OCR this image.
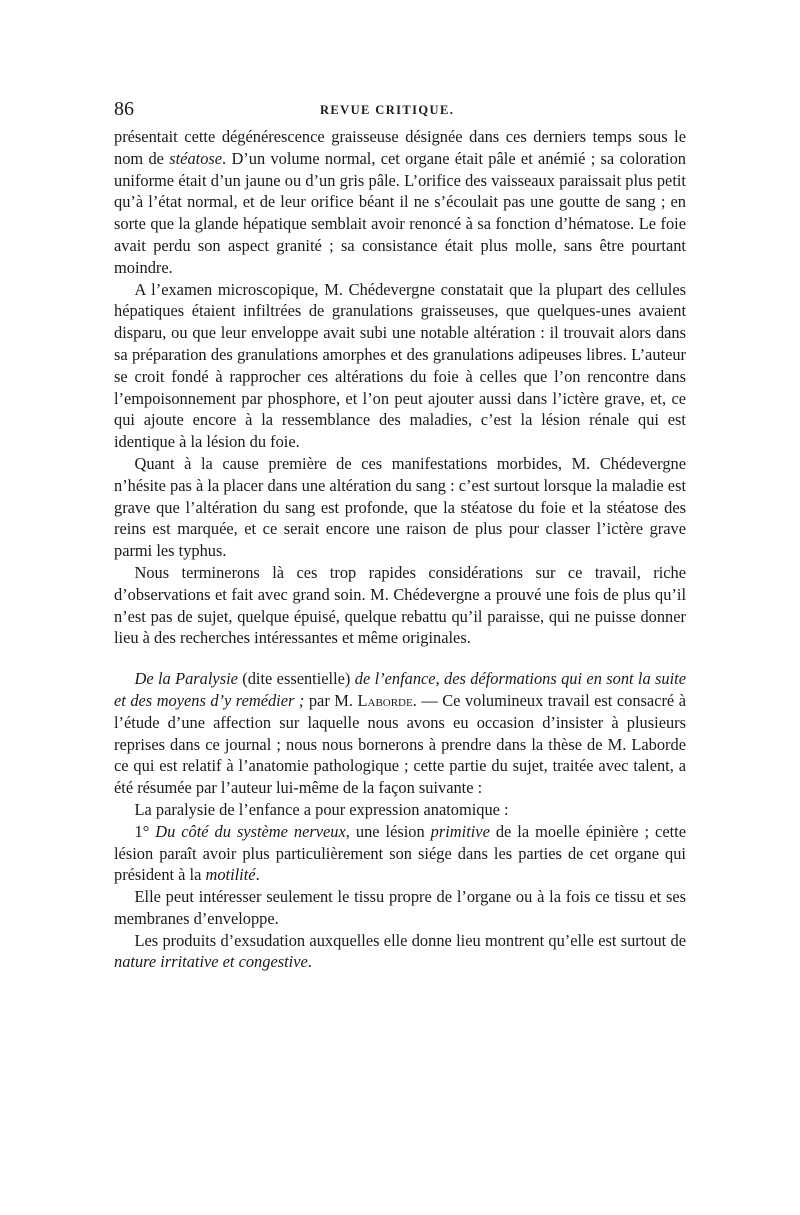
86	REVUE CRITIQUE.

présentait cette dégénérescence graisseuse désignée dans ces derniers temps sous le nom de stéatose. D’un volume normal, cet organe était pâle et anémié ; sa coloration uniforme était d’un jaune ou d’un gris pâle. L’orifice des vaisseaux paraissait plus petit qu’à l’état normal, et de leur orifice béant il ne s’écoulait pas une goutte de sang ; en sorte que la glande hépatique semblait avoir renoncé à sa fonction d’hématose. Le foie avait perdu son aspect granité ; sa consistance était plus molle, sans être pourtant moindre.

A l’examen microscopique, M. Chédevergne constatait que la plupart des cellules hépatiques étaient infiltrées de granulations graisseuses, que quelques-unes avaient disparu, ou que leur enveloppe avait subi une notable altération : il trouvait alors dans sa préparation des granulations amorphes et des granulations adipeuses libres. L’auteur se croit fondé à rapprocher ces altérations du foie à celles que l’on rencontre dans l’empoisonnement par phosphore, et l’on peut ajouter aussi dans l’ictère grave, et, ce qui ajoute encore à la ressemblance des maladies, c’est la lésion rénale qui est identique à la lésion du foie.

Quant à la cause première de ces manifestations morbides, M. Chédevergne n’hésite pas à la placer dans une altération du sang : c’est surtout lorsque la maladie est grave que l’altération du sang est profonde, que la stéatose du foie et la stéatose des reins est marquée, et ce serait encore une raison de plus pour classer l’ictère grave parmi les typhus.

Nous terminerons là ces trop rapides considérations sur ce travail, riche d’observations et fait avec grand soin. M. Chédevergne a prouvé une fois de plus qu’il n’est pas de sujet, quelque épuisé, quelque rebattu qu’il paraisse, qui ne puisse donner lieu à des recherches intéressantes et même originales.

De la Paralysie (dite essentielle) de l’enfance, des déformations qui en sont la suite et des moyens d’y remédier ; par M. Laborde. — Ce volumineux travail est consacré à l’étude d’une affection sur laquelle nous avons eu occasion d’insister à plusieurs reprises dans ce journal ; nous nous bornerons à prendre dans la thèse de M. Laborde ce qui est relatif à l’anatomie pathologique ; cette partie du sujet, traitée avec talent, a été résumée par l’auteur lui-même de la façon suivante :

La paralysie de l’enfance a pour expression anatomique :

1° Du côté du système nerveux, une lésion primitive de la moelle épinière ; cette lésion paraît avoir plus particulièrement son siége dans les parties de cet organe qui président à la motilité.

Elle peut intéresser seulement le tissu propre de l’organe ou à la fois ce tissu et ses membranes d’enveloppe.

Les produits d’exsudation auxquelles elle donne lieu montrent qu’elle est surtout de nature irritative et congestive.
